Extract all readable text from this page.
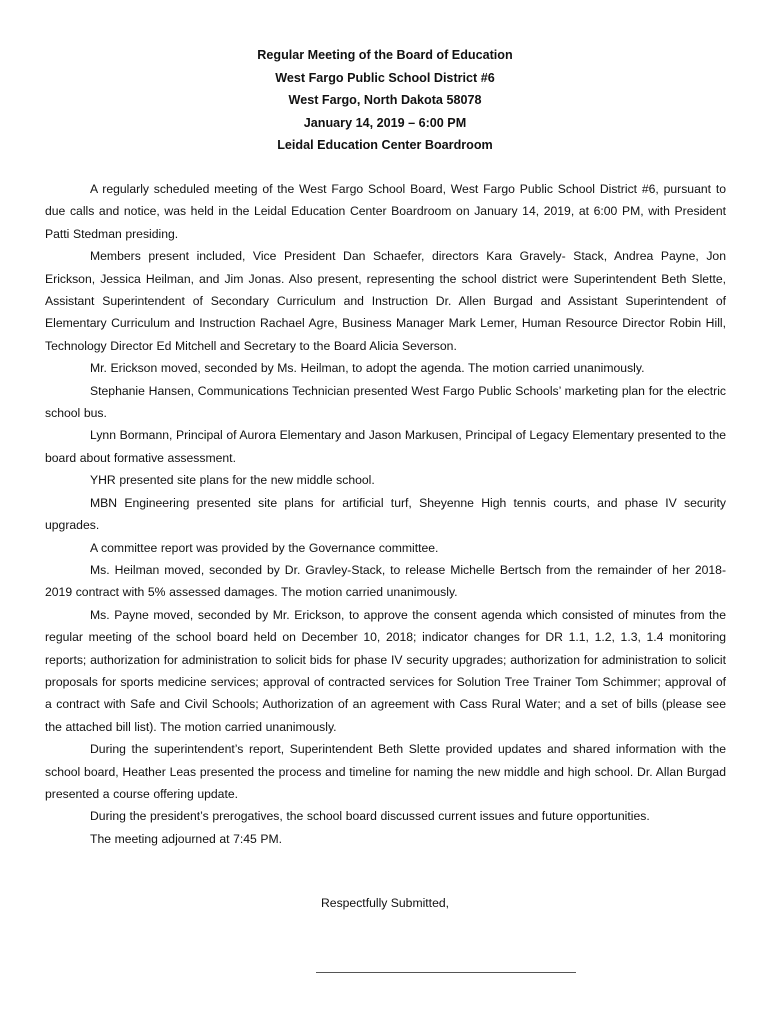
Regular Meeting of the Board of Education
West Fargo Public School District #6
West Fargo, North Dakota 58078
January 14, 2019 – 6:00 PM
Leidal Education Center Boardroom

A regularly scheduled meeting of the West Fargo School Board, West Fargo Public School District #6, pursuant to due calls and notice, was held in the Leidal Education Center Boardroom on January 14, 2019, at 6:00 PM, with President Patti Stedman presiding.

Members present included, Vice President Dan Schaefer, directors Kara Gravely- Stack, Andrea Payne, Jon Erickson, Jessica Heilman, and Jim Jonas. Also present, representing the school district were Superintendent Beth Slette, Assistant Superintendent of Secondary Curriculum and Instruction Dr. Allen Burgad and Assistant Superintendent of Elementary Curriculum and Instruction Rachael Agre, Business Manager Mark Lemer, Human Resource Director Robin Hill, Technology Director Ed Mitchell and Secretary to the Board Alicia Severson.

Mr. Erickson moved, seconded by Ms. Heilman, to adopt the agenda. The motion carried unanimously.

Stephanie Hansen, Communications Technician presented West Fargo Public Schools’ marketing plan for the electric school bus.

Lynn Bormann, Principal of Aurora Elementary and Jason Markusen, Principal of Legacy Elementary presented to the board about formative assessment.

YHR presented site plans for the new middle school.

MBN Engineering presented site plans for artificial turf, Sheyenne High tennis courts, and phase IV security upgrades.

A committee report was provided by the Governance committee.

Ms. Heilman moved, seconded by Dr. Gravley-Stack, to release Michelle Bertsch from the remainder of her 2018-2019 contract with 5% assessed damages. The motion carried unanimously.

Ms. Payne moved, seconded by Mr. Erickson, to approve the consent agenda which consisted of minutes from the regular meeting of the school board held on December 10, 2018; indicator changes for DR 1.1, 1.2, 1.3, 1.4 monitoring reports; authorization for administration to solicit bids for phase IV security upgrades; authorization for administration to solicit proposals for sports medicine services; approval of contracted services for Solution Tree Trainer Tom Schimmer; approval of a contract with Safe and Civil Schools; Authorization of an agreement with Cass Rural Water; and a set of bills (please see the attached bill list). The motion carried unanimously.

During the superintendent’s report, Superintendent Beth Slette provided updates and shared information with the school board, Heather Leas presented the process and timeline for naming the new middle and high school. Dr. Allan Burgad presented a course offering update.

During the president’s prerogatives, the school board discussed current issues and future opportunities.

The meeting adjourned at 7:45 PM.

Respectfully Submitted,
